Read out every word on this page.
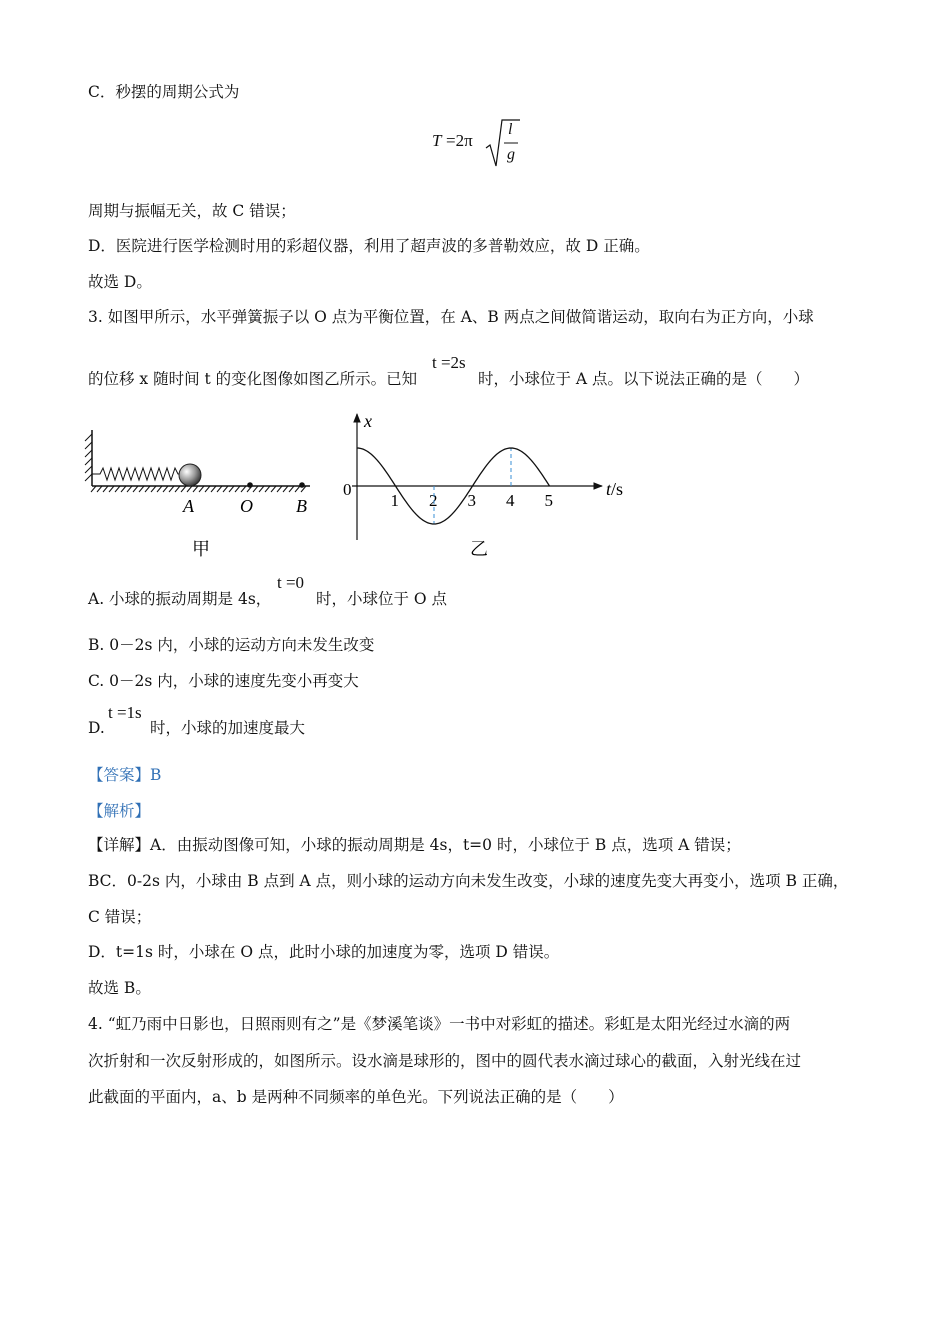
C．秒摆的周期公式为
T =2π
l
g
周期与振幅无关，故 C 错误；
D．医院进行医学检测时用的彩超仪器，利用了超声波的多普勒效应，故 D 正确。
故选 D。
3. 如图甲所示，水平弹簧振子以 O 点为平衡位置，在 A、B 两点之间做简谐运动，取向右为正方向，小球
的位移 x 随时间 t 的变化图像如图乙所示。已知
t =2s
时，小球位于 A 点。以下说法正确的是（　　）
A	O B
甲
x
t/s
0
1 2 3 4 5
乙
A. 小球的振动周期是 4s，
t =0
时，小球位于 O 点
B. 0－2s 内，小球的运动方向未发生改变
C. 0－2s 内，小球的速度先变小再变大
D.
t =1s
时，小球的加速度最大
【答案】B
【解析】
【详解】A．由振动图像可知，小球的振动周期是 4s，t=0 时，小球位于 B 点，选项 A 错误；
BC．0-2s 内，小球由 B 点到 A 点，则小球的运动方向未发生改变，小球的速度先变大再变小，选项 B 正确，
C 错误；
D．t=1s 时，小球在 O 点，此时小球的加速度为零，选项 D 错误。
故选 B。
4. “虹乃雨中日影也，日照雨则有之”是《梦溪笔谈》一书中对彩虹的描述。彩虹是太阳光经过水滴的两
次折射和一次反射形成的，如图所示。设水滴是球形的，图中的圆代表水滴过球心的截面，入射光线在过
此截面的平面内，a、b 是两种不同频率的单色光。下列说法正确的是（　　）
